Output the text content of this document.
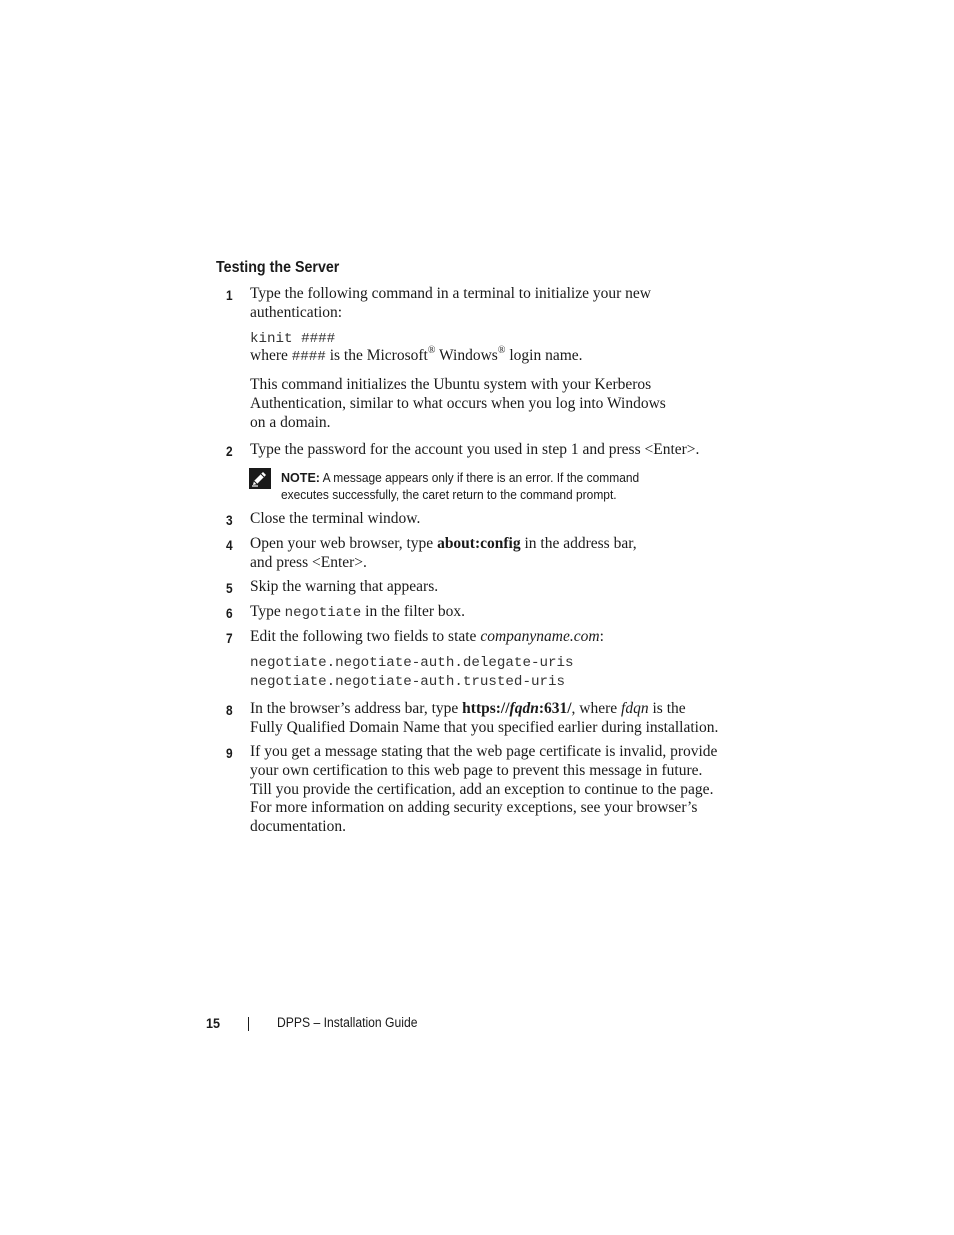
Testing the Server
1 Type the following command in a terminal to initialize your new authentication:
kinit ####
where #### is the Microsoft® Windows® login name.
This command initializes the Ubuntu system with your Kerberos Authentication, similar to what occurs when you log into Windows on a domain.
2 Type the password for the account you used in step 1 and press <Enter>.
NOTE: A message appears only if there is an error. If the command executes successfully, the caret return to the command prompt.
3 Close the terminal window.
4 Open your web browser, type about:config in the address bar, and press <Enter>.
5 Skip the warning that appears.
6 Type negotiate in the filter box.
7 Edit the following two fields to state companyname.com:
negotiate.negotiate-auth.delegate-uris
negotiate.negotiate-auth.trusted-uris
8 In the browser’s address bar, type https://fqdn:631/, where fdqn is the Fully Qualified Domain Name that you specified earlier during installation.
9 If you get a message stating that the web page certificate is invalid, provide your own certification to this web page to prevent this message in future. Till you provide the certification, add an exception to continue to the page. For more information on adding security exceptions, see your browser’s documentation.
15	DPPS – Installation Guide
